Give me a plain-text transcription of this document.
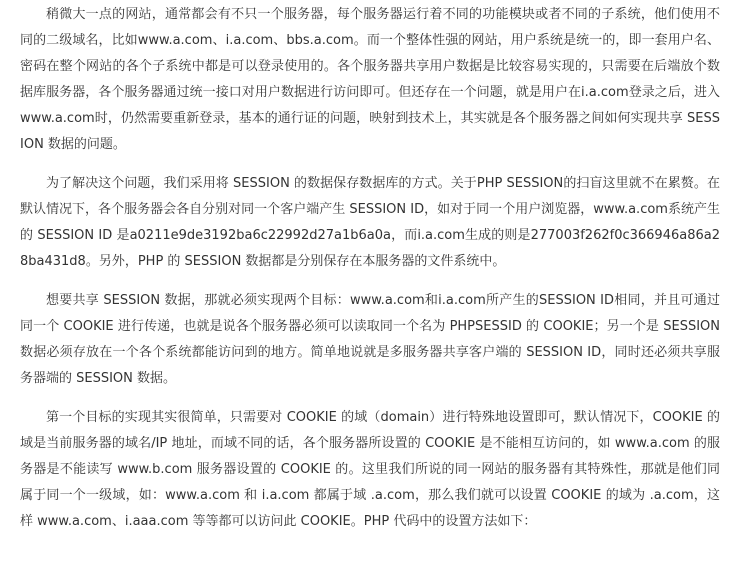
稍微大一点的网站，通常都会有不只一个服务器，每个服务器运行着不同的功能模块或者不同的子系统，他们使用不同的二级域名，比如www.a.com、i.a.com、bbs.a.com。而一个整体性强的网站，用户系统是统一的，即一套用户名、密码在整个网站的各个子系统中都是可以登录使用的。各个服务器共享用户数据是比较容易实现的，只需要在后端放个数据库服务器，各个服务器通过统一接口对用户数据进行访问即可。但还存在一个问题，就是用户在i.a.com登录之后，进入www.a.com时，仍然需要重新登录，基本的通行证的问题，映射到技术上，其实就是各个服务器之间如何实现共享 SESSION 数据的问题。

为了解决这个问题，我们采用将 SESSION 的数据保存数据库的方式。关于PHP SESSION的扫盲这里就不在累赘。在默认情况下，各个服务器会各自分别对同一个客户端产生 SESSION ID，如对于同一个用户浏览器，www.a.com系统产生的 SESSION ID 是a0211e9de3192ba6c22992d27a1b6a0a，而i.a.com生成的则是277003f262f0c366946a86a28ba431d8。另外，PHP 的 SESSION 数据都是分别保存在本服务器的文件系统中。

想要共享 SESSION 数据，那就必须实现两个目标：www.a.com和i.a.com所产生的SESSION ID相同，并且可通过同一个 COOKIE 进行传递，也就是说各个服务器必须可以读取同一个名为 PHPSESSID 的 COOKIE；另一个是 SESSION 数据必须存放在一个各个系统都能访问到的地方。简单地说就是多服务器共享客户端的 SESSION ID，同时还必须共享服务器端的 SESSION 数据。

第一个目标的实现其实很简单，只需要对 COOKIE 的域（domain）进行特殊地设置即可，默认情况下，COOKIE 的域是当前服务器的域名/IP 地址，而域不同的话，各个服务器所设置的 COOKIE 是不能相互访问的，如 www.a.com 的服务器是不能读写 www.b.com 服务器设置的 COOKIE 的。这里我们所说的同一网站的服务器有其特殊性，那就是他们同属于同一个一级域，如：www.a.com 和 i.a.com 都属于域 .a.com，那么我们就可以设置 COOKIE 的域为 .a.com，这样 www.a.com、i.aaa.com 等等都可以访问此 COOKIE。PHP 代码中的设置方法如下：
